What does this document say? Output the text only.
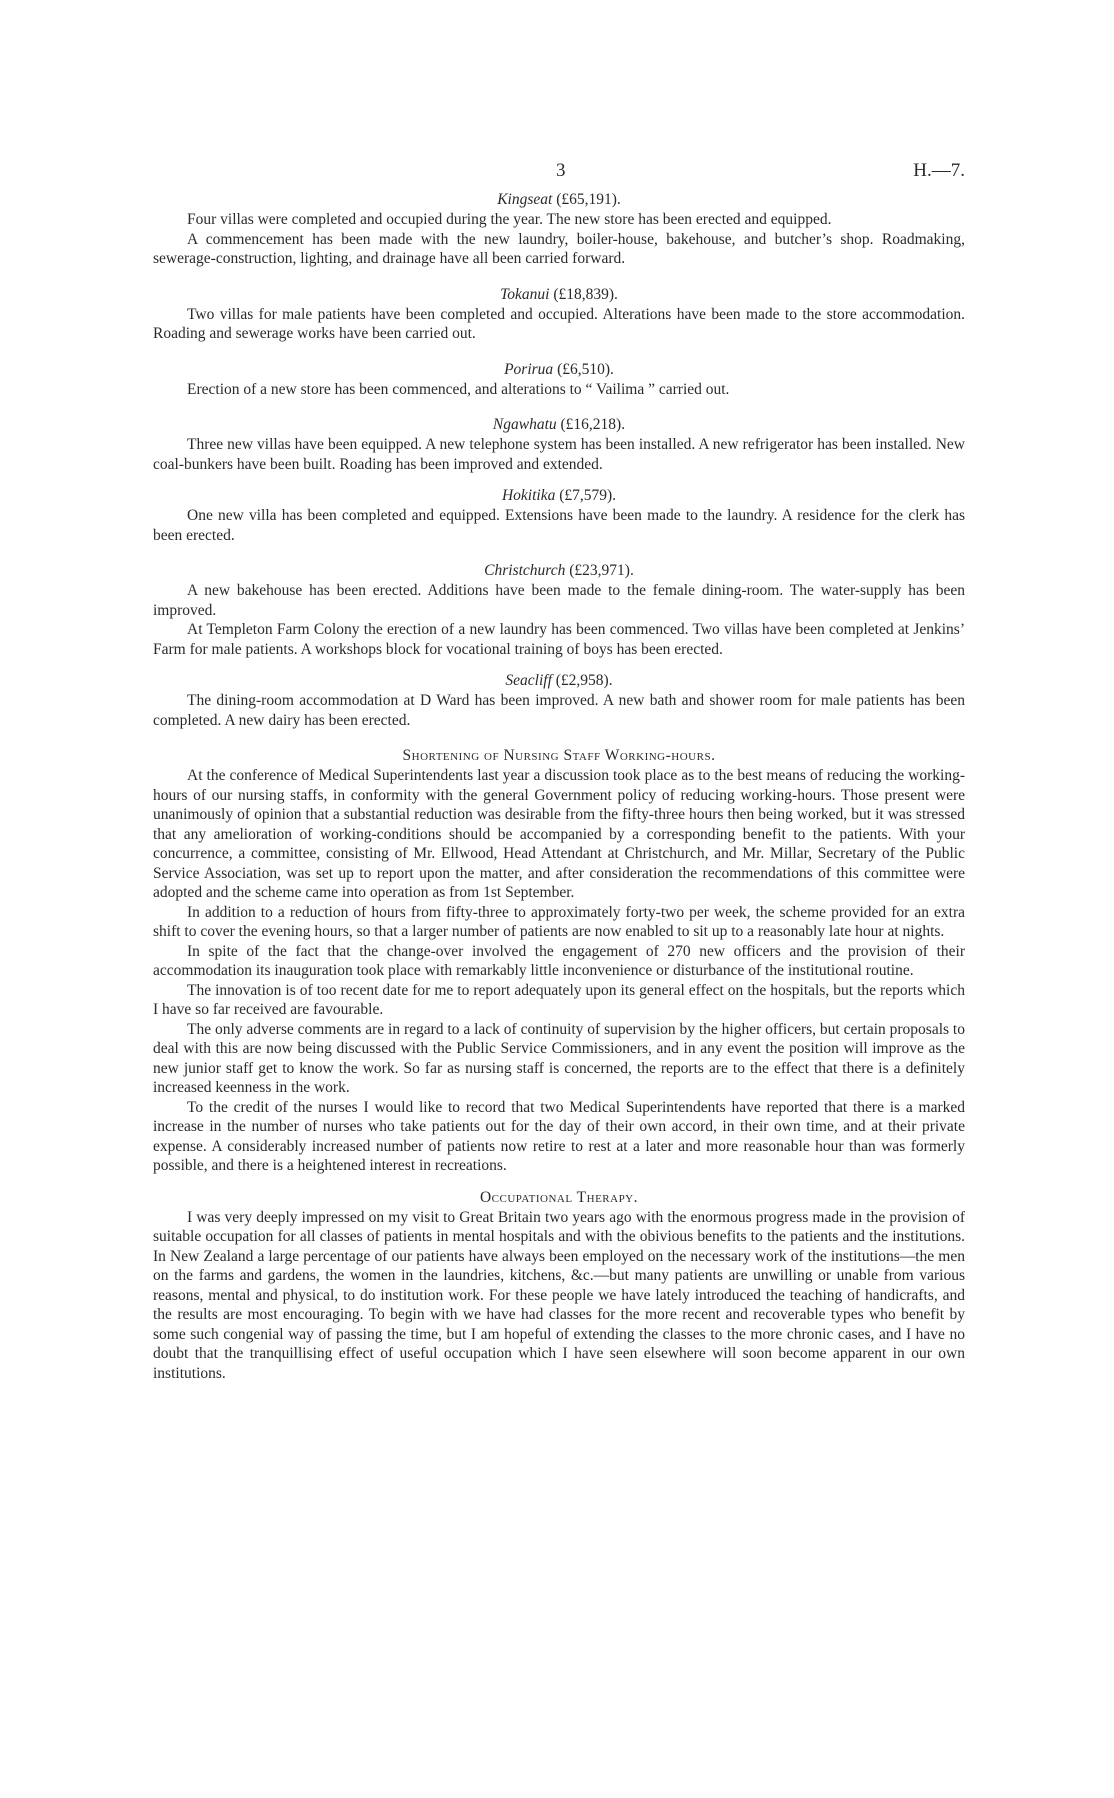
3	H.—7.
Kingseat (£65,191).

Four villas were completed and occupied during the year. The new store has been erected and equipped.

A commencement has been made with the new laundry, boiler-house, bakehouse, and butcher’s shop. Roadmaking, sewerage-construction, lighting, and drainage have all been carried forward.

Tokanui (£18,839).

Two villas for male patients have been completed and occupied. Alterations have been made to the store accommodation. Roading and sewerage works have been carried out.

Porirua (£6,510).

Erection of a new store has been commenced, and alterations to “ Vailima ” carried out.

Ngawhatu (£16,218).

Three new villas have been equipped. A new telephone system has been installed. A new refrigerator has been installed. New coal-bunkers have been built. Roading has been improved and extended.

Hokitika (£7,579).

One new villa has been completed and equipped. Extensions have been made to the laundry. A residence for the clerk has been erected.

Christchurch (£23,971).

A new bakehouse has been erected. Additions have been made to the female dining-room. The water-supply has been improved.

At Templeton Farm Colony the erection of a new laundry has been commenced. Two villas have been completed at Jenkins’ Farm for male patients. A workshops block for vocational training of boys has been erected.

Seacliff (£2,958).

The dining-room accommodation at D Ward has been improved. A new bath and shower room for male patients has been completed. A new dairy has been erected.

Shortening of Nursing Staff Working-hours.

At the conference of Medical Superintendents last year a discussion took place as to the best means of reducing the working-hours of our nursing staffs, in conformity with the general Government policy of reducing working-hours. Those present were unanimously of opinion that a substantial reduction was desirable from the fifty-three hours then being worked, but it was stressed that any amelioration of working-conditions should be accompanied by a corresponding benefit to the patients. With your concurrence, a committee, consisting of Mr. Ellwood, Head Attendant at Christchurch, and Mr. Millar, Secretary of the Public Service Association, was set up to report upon the matter, and after consideration the recommendations of this committee were adopted and the scheme came into operation as from 1st September.

In addition to a reduction of hours from fifty-three to approximately forty-two per week, the scheme provided for an extra shift to cover the evening hours, so that a larger number of patients are now enabled to sit up to a reasonably late hour at nights.

In spite of the fact that the change-over involved the engagement of 270 new officers and the provision of their accommodation its inauguration took place with remarkably little inconvenience or disturbance of the institutional routine.

The innovation is of too recent date for me to report adequately upon its general effect on the hospitals, but the reports which I have so far received are favourable.

The only adverse comments are in regard to a lack of continuity of supervision by the higher officers, but certain proposals to deal with this are now being discussed with the Public Service Commissioners, and in any event the position will improve as the new junior staff get to know the work. So far as nursing staff is concerned, the reports are to the effect that there is a definitely increased keenness in the work.

To the credit of the nurses I would like to record that two Medical Superintendents have reported that there is a marked increase in the number of nurses who take patients out for the day of their own accord, in their own time, and at their private expense. A considerably increased number of patients now retire to rest at a later and more reasonable hour than was formerly possible, and there is a heightened interest in recreations.

Occupational Therapy.

I was very deeply impressed on my visit to Great Britain two years ago with the enormous progress made in the provision of suitable occupation for all classes of patients in mental hospitals and with the obivious benefits to the patients and the institutions. In New Zealand a large percentage of our patients have always been employed on the necessary work of the institutions—the men on the farms and gardens, the women in the laundries, kitchens, &c.—but many patients are unwilling or unable from various reasons, mental and physical, to do institution work. For these people we have lately introduced the teaching of handicrafts, and the results are most encouraging. To begin with we have had classes for the more recent and recoverable types who benefit by some such congenial way of passing the time, but I am hopeful of extending the classes to the more chronic cases, and I have no doubt that the tranquillising effect of useful occupation which I have seen elsewhere will soon become apparent in our own institutions.
